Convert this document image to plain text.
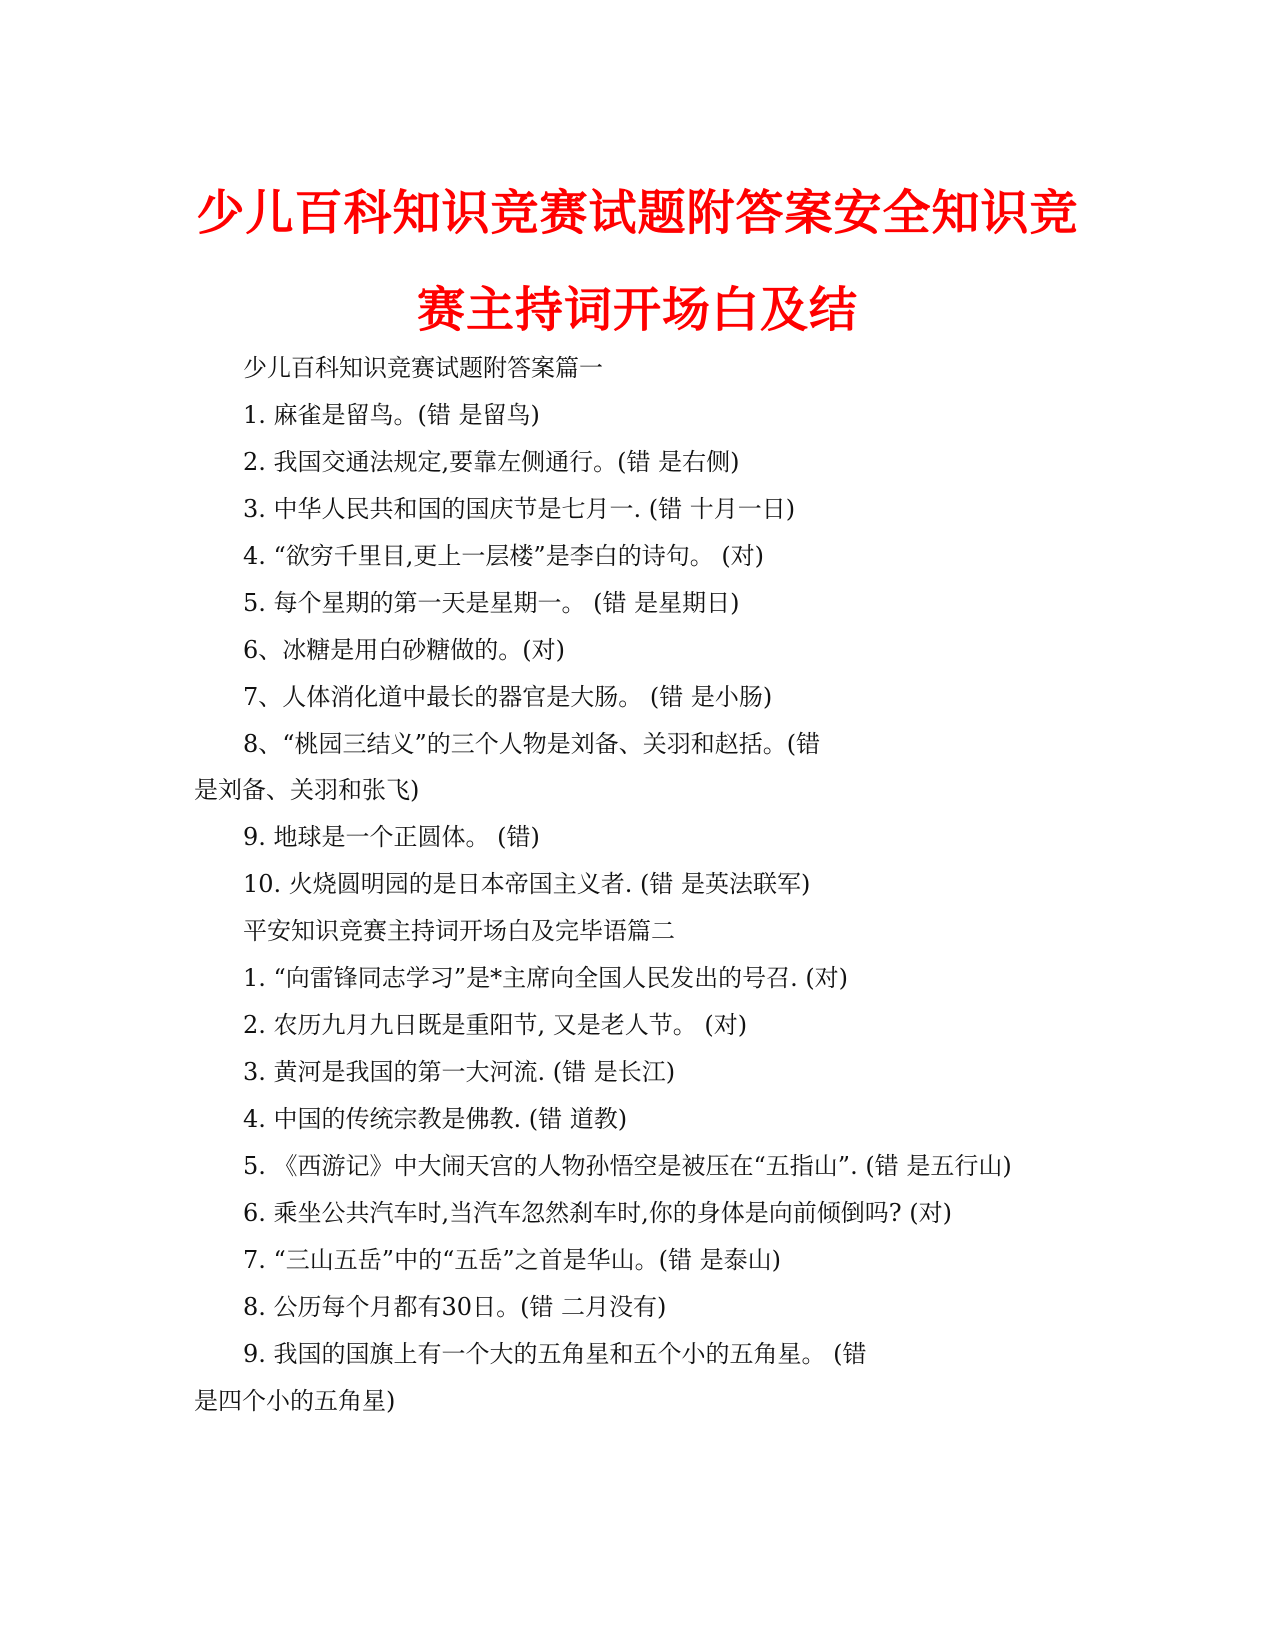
少儿百科知识竞赛试题附答案安全知识竞
赛主持词开场白及结
少儿百科知识竞赛试题附答案篇一
1. 麻雀是留鸟。(错 是留鸟)
2. 我国交通法规定,要靠左侧通行。(错 是右侧)
3. 中华人民共和国的国庆节是七月一. (错 十月一日)
4. “欲穷千里目,更上一层楼”是李白的诗句。 (对)
5. 每个星期的第一天是星期一。 (错 是星期日)
6、冰糖是用白砂糖做的。(对)
7、人体消化道中最长的器官是大肠。 (错 是小肠)
8、“桃园三结义”的三个人物是刘备、关羽和赵括。(错
是刘备、关羽和张飞)
9. 地球是一个正圆体。 (错)
10. 火烧圆明园的是日本帝国主义者. (错 是英法联军)
平安知识竞赛主持词开场白及完毕语篇二
1. “向雷锋同志学习”是*主席向全国人民发出的号召. (对)
2. 农历九月九日既是重阳节, 又是老人节。 (对)
3. 黄河是我国的第一大河流. (错 是长江)
4. 中国的传统宗教是佛教. (错 道教)
5. 《西游记》中大闹天宫的人物孙悟空是被压在“五指山”. (错 是五行山)
6. 乘坐公共汽车时,当汽车忽然刹车时,你的身体是向前倾倒吗? (对)
7. “三山五岳”中的“五岳”之首是华山。(错 是泰山)
8. 公历每个月都有30日。(错 二月没有)
9. 我国的国旗上有一个大的五角星和五个小的五角星。 (错
是四个小的五角星)
